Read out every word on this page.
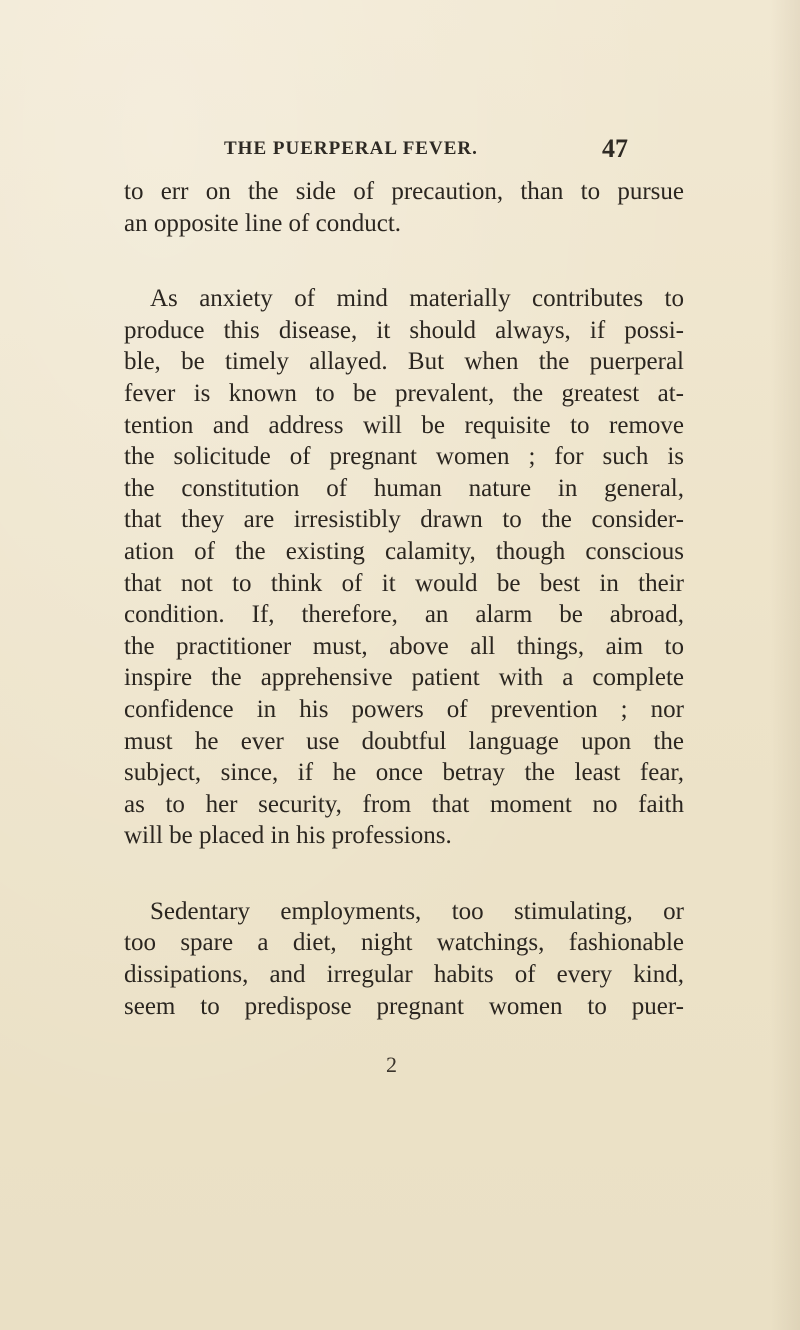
THE PUERPERAL FEVER.	47
to err on the side of precaution, than to pursue
an opposite line of conduct.
As anxiety of mind materially contributes to
produce this disease, it should always, if possi-
ble, be timely allayed. But when the puerperal
fever is known to be prevalent, the greatest at-
tention and address will be requisite to remove
the solicitude of pregnant women ; for such is
the constitution of human nature in general,
that they are irresistibly drawn to the consider-
ation of the existing calamity, though conscious
that not to think of it would be best in their
condition. If, therefore, an alarm be abroad,
the practitioner must, above all things, aim to
inspire the apprehensive patient with a complete
confidence in his powers of prevention ; nor
must he ever use doubtful language upon the
subject, since, if he once betray the least fear,
as to her security, from that moment no faith
will be placed in his professions.
Sedentary employments, too stimulating, or
too spare a diet, night watchings, fashionable
dissipations, and irregular habits of every kind,
seem to predispose pregnant women to puer-
2
